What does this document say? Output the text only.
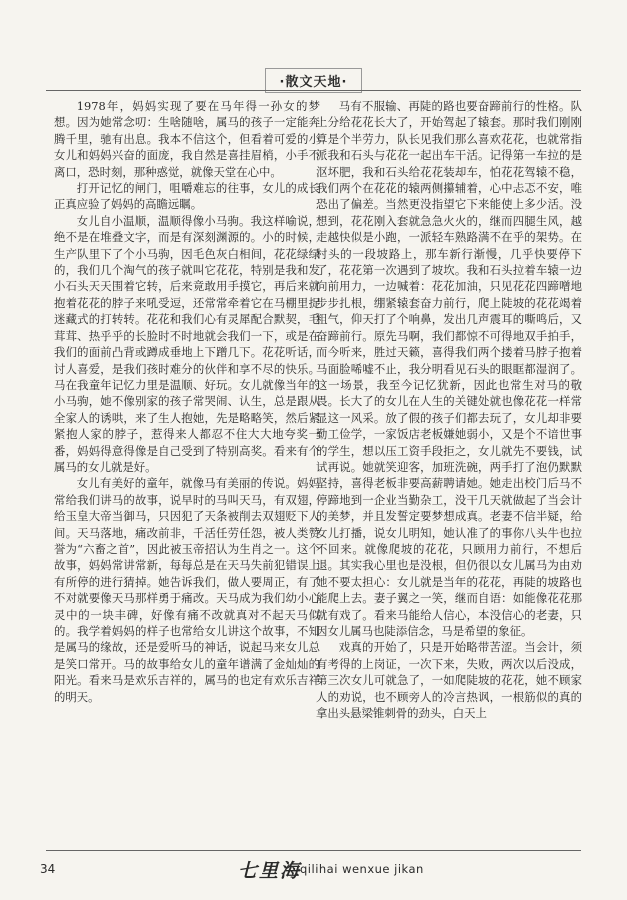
·散文天地·

1978年，妈妈实现了要在马年得一孙女的梦想。因为她常念叨：生啥随啥，属马的孩子一定能奔腾千里，驰有出息。我本不信这个，但看着可爱的小女儿和妈妈兴奋的面庞，我自然是喜挂眉梢，小手不离口，恐时刻，那种惑觉，就像天堂在心中。

打开记忆的闸门，咀嚼难忘的往事，女儿的成长正真应验了妈妈的高瞻远瞩。

女儿自小温顺，温顺得像小马驹。我这样喻说，绝不是在堆叠文字，而是有深刻渊源的。小的时候，生产队里下了个小马驹，因毛色灰白相间，花花绿绿的，我们几个淘气的孩子就叫它花花，特别是我和发小石头天天围着它转，后来竟敢用手摸它，再后来就抱着花花的脖子来吼受逗，还常常牵着它在马棚里捉迷藏式的打转转。花花和我们心有灵犀配合默契，毛茸茸、热乎乎的长脸时不时地就会我们一下，或是在我们的面前凸背或蹲成垂地上下蹭几下。花花听话，讨人喜爱，是我们孩时难分的伙伴和享不尽的快乐。马在我童年记忆力里是温顺、好玩。女儿就像当年的小马驹，她不像别家的孩子常哭闹、认生，总是跟从全家人的诱哄，来了生人抱她，先是略略笑，然后紧紧抱人家的脖子，惹得来人都忍不住大大地夸奖一番，妈妈得意得像是自己受到了特别高奖。看来有个属马的女儿就是好。

女儿有美好的童年，就像马有美丽的传说。妈妈常给我们讲马的故事，说早时的马叫天马，有双翅，给玉皇大帝当御马，只因犯了天条被削去双翅贬下人间。天马落地，痛改前非，千活任劳任怨，被人类赞誉为“六畜之首”，因此被玉帝招认为生肖之一。这个故事，妈妈常讲常新，每每总是在天马失前犯错误上有所停的进行猜掉。她告诉我们，做人要周正，有了不对就要像天马那样勇于痛改。天马成为我们幼小心灵中的一块丰碑，好像有痛不改就真对不起天马似的。我学着妈妈的样子也常给女儿讲这个故事，不知是属马的缘故，还是爱听马的神话，说起马来女儿总是笑口常开。马的故事给女儿的童年谱满了金灿灿的阳光。看来马是欢乐吉祥的，属马的也定有欢乐吉祥的明天。

马有不服输、再陡的路也要奋蹄前行的性格。队上分给花花长大了，开始驾起了辕套。那时我们刚刚算是个半劳力，队长见我们那么喜欢花花，也就常指派我和石头与花花一起出车干活。记得第一车拉的是沤坏肥，我和石头给花花装却车，怕花花驾辕不稳，我们两个在花花的辕两侧攥辅着，心中忐忑不安，唯恐出了偏差。当然更没指望它下来能使上多少活。没想到，花花刚入套就急急火火的，继而四腿生风，越走越快似是小跑，一派轻车熟路满不在乎的架势。在村头的一段坡路上，那车新行渐慢，几乎快要停下了，花花第一次遇到了坡坎。我和石头拉着车辕一边向前用力，一边喊着：花花加油，只见花花四蹄噌地步步扎根，绷紧辕套奋力前行，爬上陡坡的花花竭着粗气，仰天打了个响鼻，发出几声震耳的嘶鸣后，又奋蹄前行。原先马啊，我们都惊不可得地双手拍手，而今听来，胜过天籁，喜得我们两个搂着马脖子抱着马面脸唏嘘不止，我分明看见石头的眼眶都湿润了。这一场景，我至今记忆犹新，因此也常生对马的敬畏。长大了的女儿在人生的关键处就也像花花一样常显这一风采。放了假的孩子们都去玩了，女儿却非要勤工俭学，一家饭店老板嫌她弱小，又是个不谙世事的学生，想以压工资手段拒之，女儿就先不要钱，试试再说。她就笑迎客，加班洗碗，两手打了泡仍默默坚持，喜得老板非要高薪聘请她。她走出校门后马不停蹄地到一企业当勤杂工，没干几天就做起了当会计的美梦，并且发誓定要梦想成真。老妻不信半疑，给女儿打播，说女儿明知，她认准了的事你八头牛也拉不回来。就像爬坡的花花，只顾用力前行，不想后退。其实我心里也是没根，但仍很以女儿属马为由劝她不要太担心：女儿就是当年的花花，再陡的坡路也能爬上去。妻子翼之一笑，继而自语：如能像花花那就有戏了。看来马能给人信心，本没信心的老妻，只因女儿属马也陡添信念，马是希望的象征。

戏真的开始了，只是开始略带苦涩。当会计，须有考得的上岗证，一次下来，失败，两次以后没成，第三次女儿可就急了，一如爬陡坡的花花，她不顾家人的劝说，也不顾旁人的冷言热讽，一根筋似的真的拿出头悬梁锥刺骨的劲头，白天上

34	七里海
qilihai wenxue jikan
